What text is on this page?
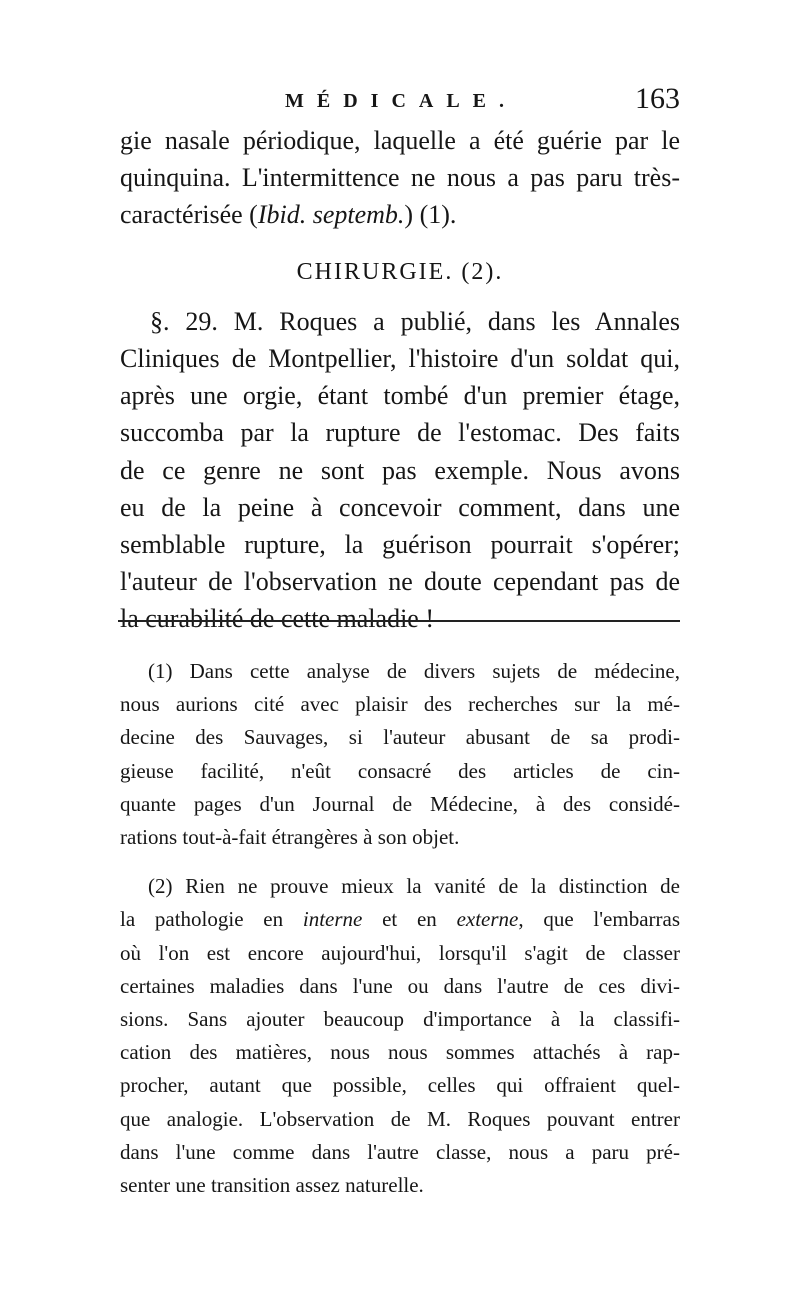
MÉDICALE.	163

gie nasale périodique, laquelle a été guérie par le
quinquina. L'intermittence ne nous a pas paru très-
caractérisée (Ibid. septemb.) (1).

CHIRURGIE. (2).

§. 29. M. Roques a publié, dans les Annales
Cliniques de Montpellier, l'histoire d'un soldat qui,
après une orgie, étant tombé d'un premier étage,
succomba par la rupture de l'estomac. Des faits
de ce genre ne sont pas exemple. Nous avons
eu de la peine à concevoir comment, dans une
semblable rupture, la guérison pourrait s'opérer;
l'auteur de l'observation ne doute cependant pas de
la curabilité de cette maladie !

(1) Dans cette analyse de divers sujets de médecine,
nous aurions cité avec plaisir des recherches sur la mé-
decine des Sauvages, si l'auteur abusant de sa prodi-
gieuse facilité, n'eût consacré des articles de cin-
quante pages d'un Journal de Médecine, à des considé-
rations tout-à-fait étrangères à son objet.

(2) Rien ne prouve mieux la vanité de la distinction de
la pathologie en interne et en externe, que l'embarras
où l'on est encore aujourd'hui, lorsqu'il s'agit de classer
certaines maladies dans l'une ou dans l'autre de ces divi-
sions. Sans ajouter beaucoup d'importance à la classifi-
cation des matières, nous nous sommes attachés à rap-
procher, autant que possible, celles qui offraient quel-
que analogie. L'observation de M. Roques pouvant entrer
dans l'une comme dans l'autre classe, nous a paru pré-
senter une transition assez naturelle.
